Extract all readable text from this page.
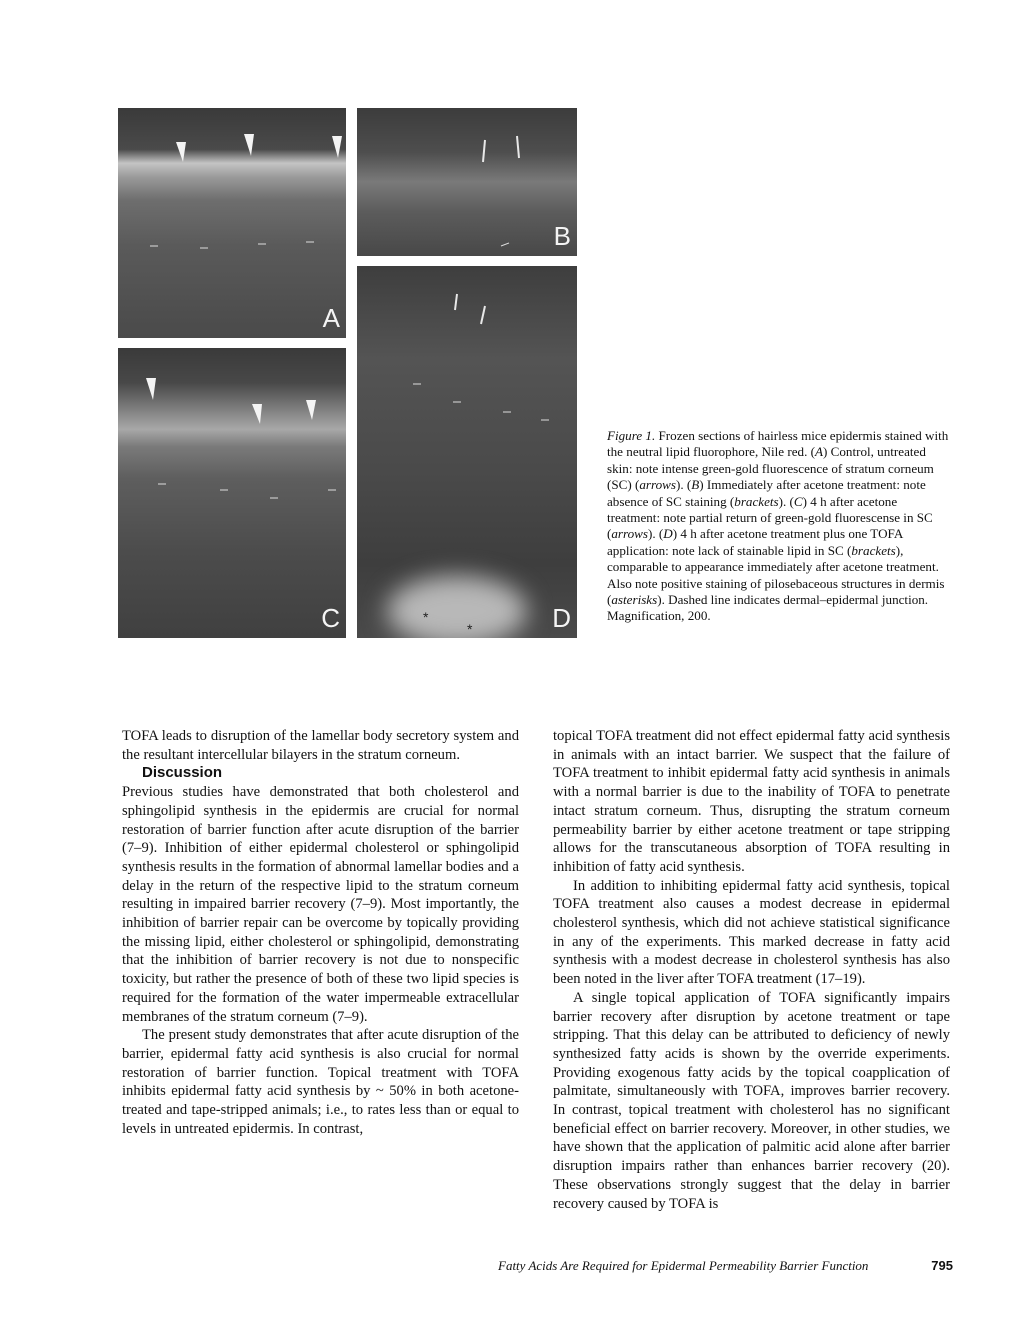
A
B
C	*
*	D
Figure 1. Frozen sections of hairless mice epidermis stained with the neutral lipid fluorophore, Nile red. (A) Control, untreated skin: note intense green-gold fluorescence of stratum corneum (SC) (arrows). (B) Immediately after acetone treatment: note absence of SC staining (brackets). (C) 4 h after acetone treatment: note partial return of green-gold fluorescense in SC (arrows). (D) 4 h after acetone treatment plus one TOFA application: note lack of stainable lipid in SC (brackets), comparable to appearance immediately after acetone treatment. Also note positive staining of pilosebaceous structures in dermis (asterisks). Dashed line indicates dermal–epidermal junction. Magnification, 200.

TOFA leads to disruption of the lamellar body secretory system and the resultant intercellular bilayers in the stratum corneum.

Discussion

Previous studies have demonstrated that both cholesterol and sphingolipid synthesis in the epidermis are crucial for normal restoration of barrier function after acute disruption of the barrier (7–9). Inhibition of either epidermal cholesterol or sphingolipid synthesis results in the formation of abnormal lamellar bodies and a delay in the return of the respective lipid to the stratum corneum resulting in impaired barrier recovery (7–9). Most importantly, the inhibition of barrier repair can be overcome by topically providing the missing lipid, either cholesterol or sphingolipid, demonstrating that the inhibition of barrier recovery is not due to nonspecific toxicity, but rather the presence of both of these two lipid species is required for the formation of the water impermeable extracellular membranes of the stratum corneum (7–9).

The present study demonstrates that after acute disruption of the barrier, epidermal fatty acid synthesis is also crucial for normal restoration of barrier function. Topical treatment with TOFA inhibits epidermal fatty acid synthesis by ~ 50% in both acetone-treated and tape-stripped animals; i.e., to rates less than or equal to levels in untreated epidermis. In contrast,

topical TOFA treatment did not effect epidermal fatty acid synthesis in animals with an intact barrier. We suspect that the failure of TOFA treatment to inhibit epidermal fatty acid synthesis in animals with a normal barrier is due to the inability of TOFA to penetrate intact stratum corneum. Thus, disrupting the stratum corneum permeability barrier by either acetone treatment or tape stripping allows for the transcutaneous absorption of TOFA resulting in inhibition of fatty acid synthesis.

In addition to inhibiting epidermal fatty acid synthesis, topical TOFA treatment also causes a modest decrease in epidermal cholesterol synthesis, which did not achieve statistical significance in any of the experiments. This marked decrease in fatty acid synthesis with a modest decrease in cholesterol synthesis has also been noted in the liver after TOFA treatment (17–19).

A single topical application of TOFA significantly impairs barrier recovery after disruption by acetone treatment or tape stripping. That this delay can be attributed to deficiency of newly synthesized fatty acids is shown by the override experiments. Providing exogenous fatty acids by the topical coapplication of palmitate, simultaneously with TOFA, improves barrier recovery. In contrast, topical treatment with cholesterol has no significant beneficial effect on barrier recovery. Moreover, in other studies, we have shown that the application of palmitic acid alone after barrier disruption impairs rather than enhances barrier recovery (20). These observations strongly suggest that the delay in barrier recovery caused by TOFA is

Fatty Acids Are Required for Epidermal Permeability Barrier Function	795
